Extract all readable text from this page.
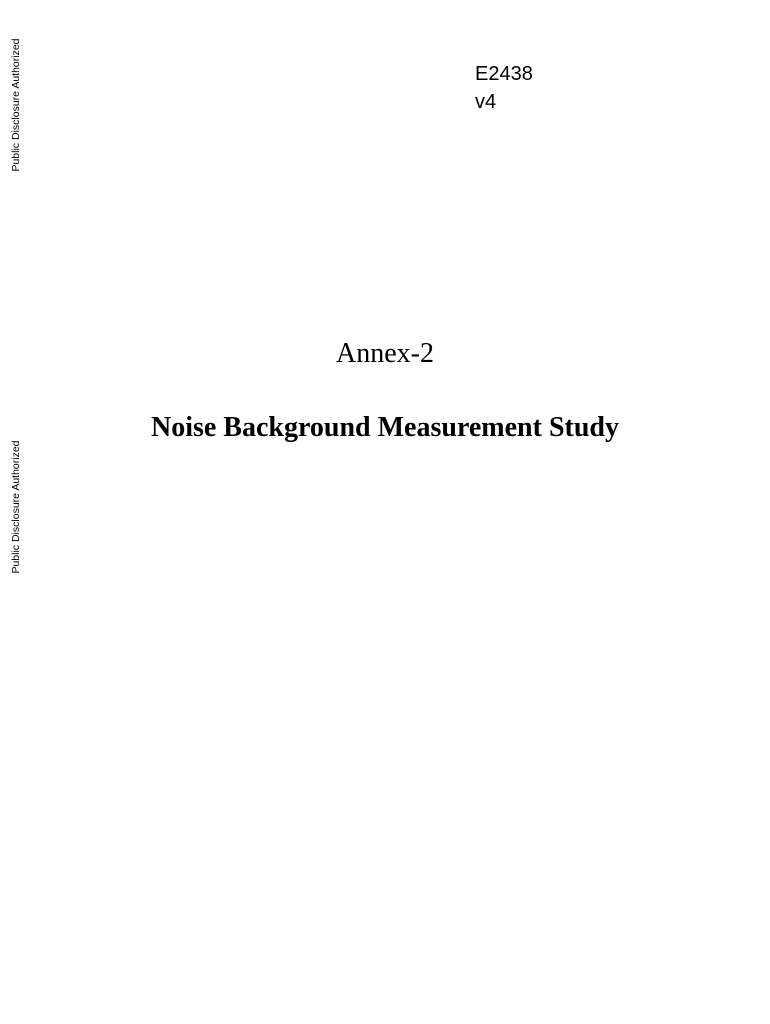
Public Disclosure Authorized
Public Disclosure Authorized
E2438
v4
Annex-2
Noise Background Measurement Study
